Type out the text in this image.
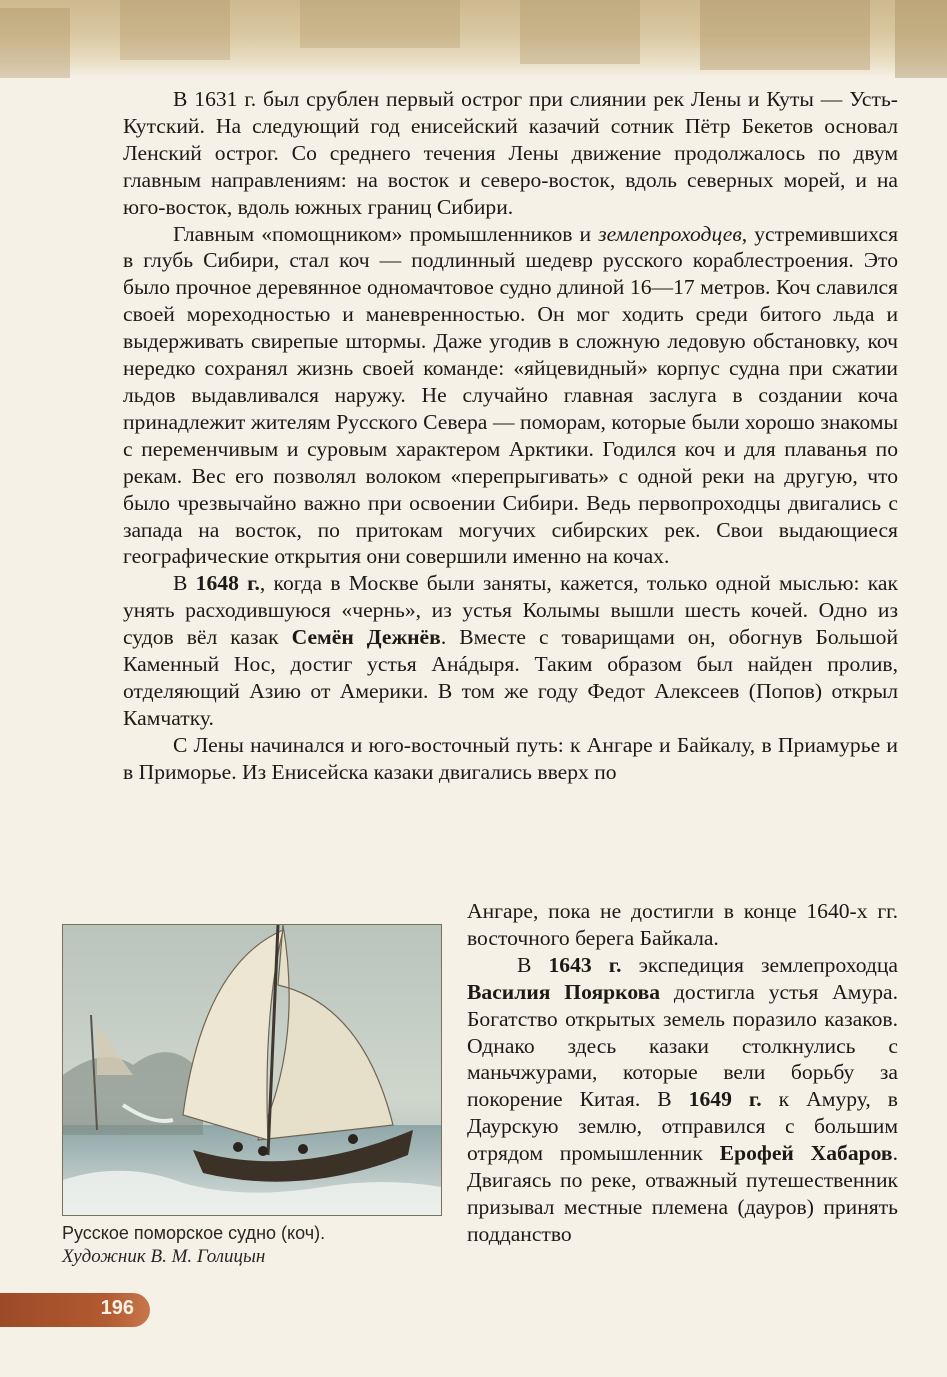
В 1631 г. был срублен первый острог при слиянии рек Лены и Куты — Усть-Кутский. На следующий год енисейский казачий сотник Пётр Бекетов основал Ленский острог. Со среднего течения Лены движение продолжалось по двум главным направлениям: на восток и северо-восток, вдоль северных морей, и на юго-восток, вдоль южных границ Сибири.

Главным «помощником» промышленников и землепроходцев, устремившихся в глубь Сибири, стал коч — подлинный шедевр русского кораблестроения. Это было прочное деревянное одномачтовое судно длиной 16—17 метров. Коч славился своей мореходностью и маневренностью. Он мог ходить среди битого льда и выдерживать свирепые штормы. Даже угодив в сложную ледовую обстановку, коч нередко сохранял жизнь своей команде: «яйцевидный» корпус судна при сжатии льдов выдавливался наружу. Не случайно главная заслуга в создании коча принадлежит жителям Русского Севера — поморам, которые были хорошо знакомы с переменчивым и суровым характером Арктики. Годился коч и для плаванья по рекам. Вес его позволял волоком «перепрыгивать» с одной реки на другую, что было чрезвычайно важно при освоении Сибири. Ведь первопроходцы двигались с запада на восток, по притокам могучих сибирских рек. Свои выдающиеся географические открытия они совершили именно на кочах.

В 1648 г., когда в Москве были заняты, кажется, только одной мыслью: как унять расходившуюся «чернь», из устья Колымы вышли шесть кочей. Одно из судов вёл казак Семён Дежнёв. Вместе с товарищами он, обогнув Большой Каменный Нос, достиг устья Анáдыря. Таким образом был найден пролив, отделяющий Азию от Америки. В том же году Федот Алексеев (Попов) открыл Камчатку.

С Лены начинался и юго-восточный путь: к Ангаре и Байкалу, в Приамурье и в Приморье. Из Енисейска казаки двигались вверх по

Русское поморское судно (коч).
Художник В. М. Голицын

Ангаре, пока не достигли в конце 1640-х гг. восточного берега Байкала.

В 1643 г. экспедиция землепроходца Василия Пояркова достигла устья Амура. Богатство открытых земель поразило казаков. Однако здесь казаки столкнулись с маньчжурами, которые вели борьбу за покорение Китая. В 1649 г. к Амуру, в Даурскую землю, отправился с большим отрядом промышленник Ерофей Хабаров. Двигаясь по реке, отважный путешественник призывал местные племена (дауров) принять подданство

196
